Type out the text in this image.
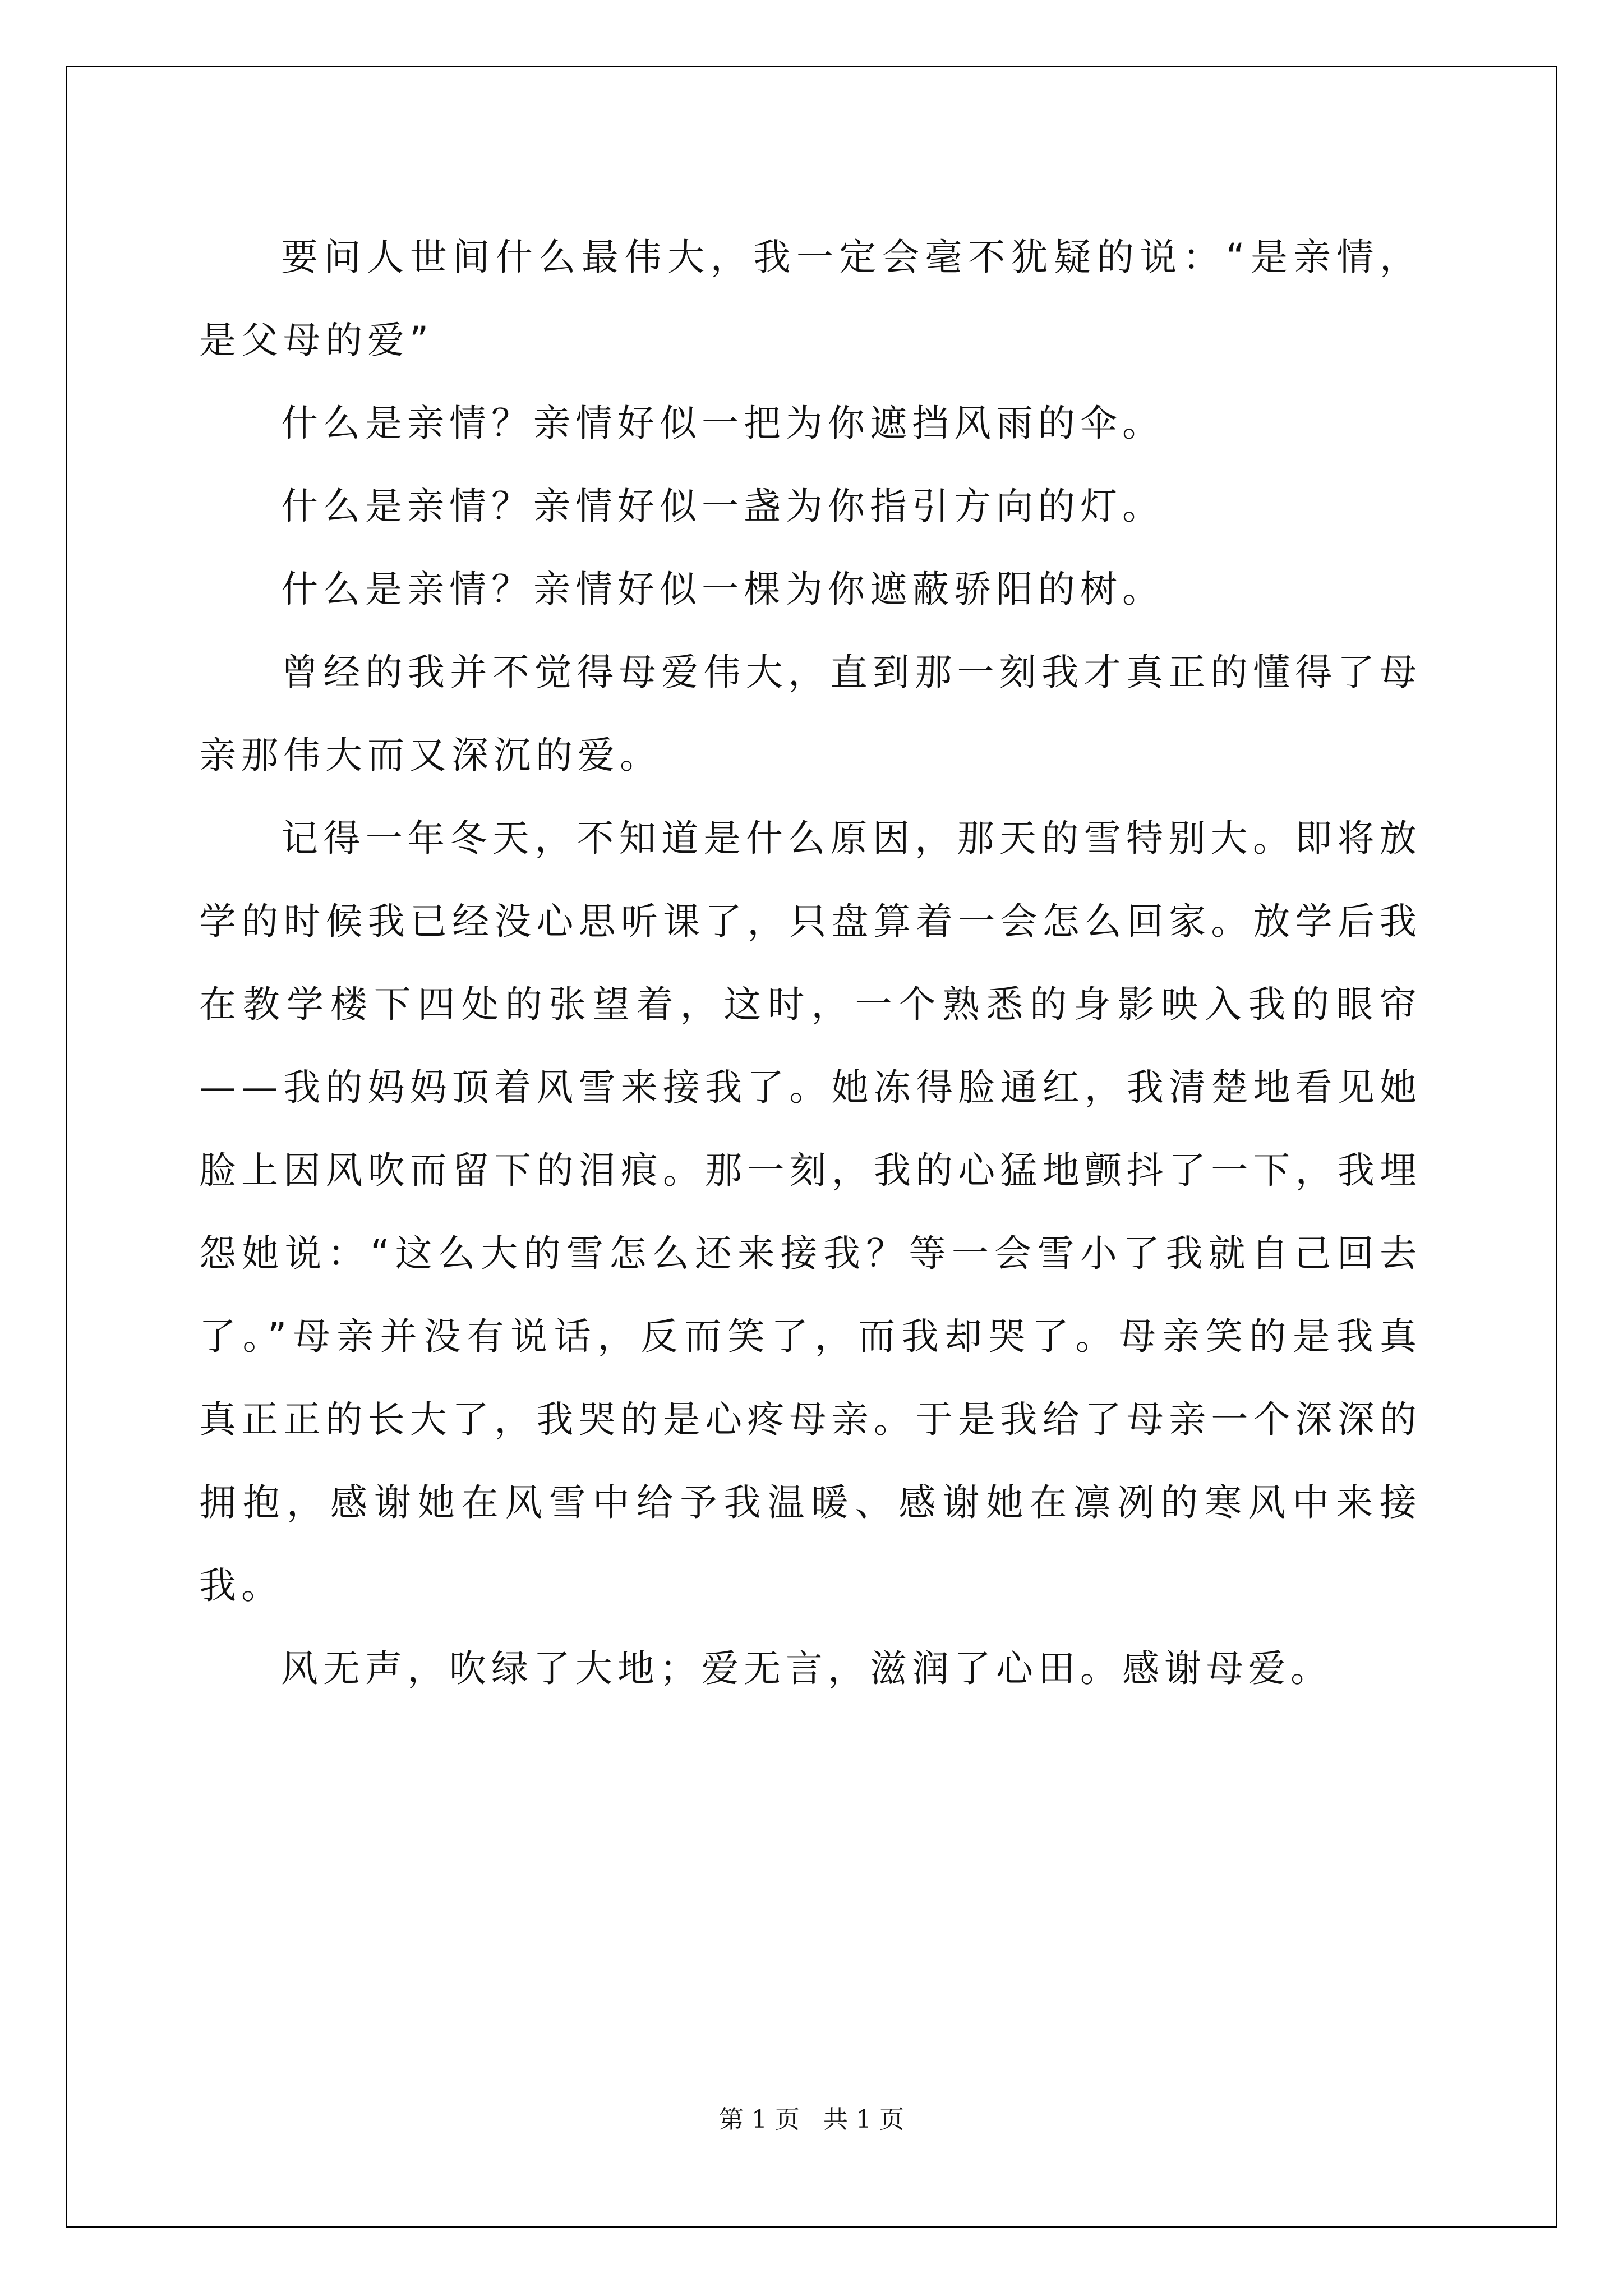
要问人世间什么最伟大，我一定会毫不犹疑的说：“是亲情，是父母的爱”

什么是亲情？亲情好似一把为你遮挡风雨的伞。

什么是亲情？亲情好似一盏为你指引方向的灯。

什么是亲情？亲情好似一棵为你遮蔽骄阳的树。

曾经的我并不觉得母爱伟大，直到那一刻我才真正的懂得了母亲那伟大而又深沉的爱。

记得一年冬天，不知道是什么原因，那天的雪特别大。即将放学的时候我已经没心思听课了，只盘算着一会怎么回家。放学后我在教学楼下四处的张望着，这时，一个熟悉的身影映入我的眼帘——我的妈妈顶着风雪来接我了。她冻得脸通红，我清楚地看见她脸上因风吹而留下的泪痕。那一刻，我的心猛地颤抖了一下，我埋怨她说：“这么大的雪怎么还来接我？等一会雪小了我就自己回去了。”母亲并没有说话，反而笑了，而我却哭了。母亲笑的是我真真正正的长大了，我哭的是心疼母亲。于是我给了母亲一个深深的拥抱，感谢她在风雪中给予我温暖、感谢她在凛冽的寒风中来接我。

风无声，吹绿了大地；爱无言，滋润了心田。感谢母爱。

第 1 页   共 1 页
